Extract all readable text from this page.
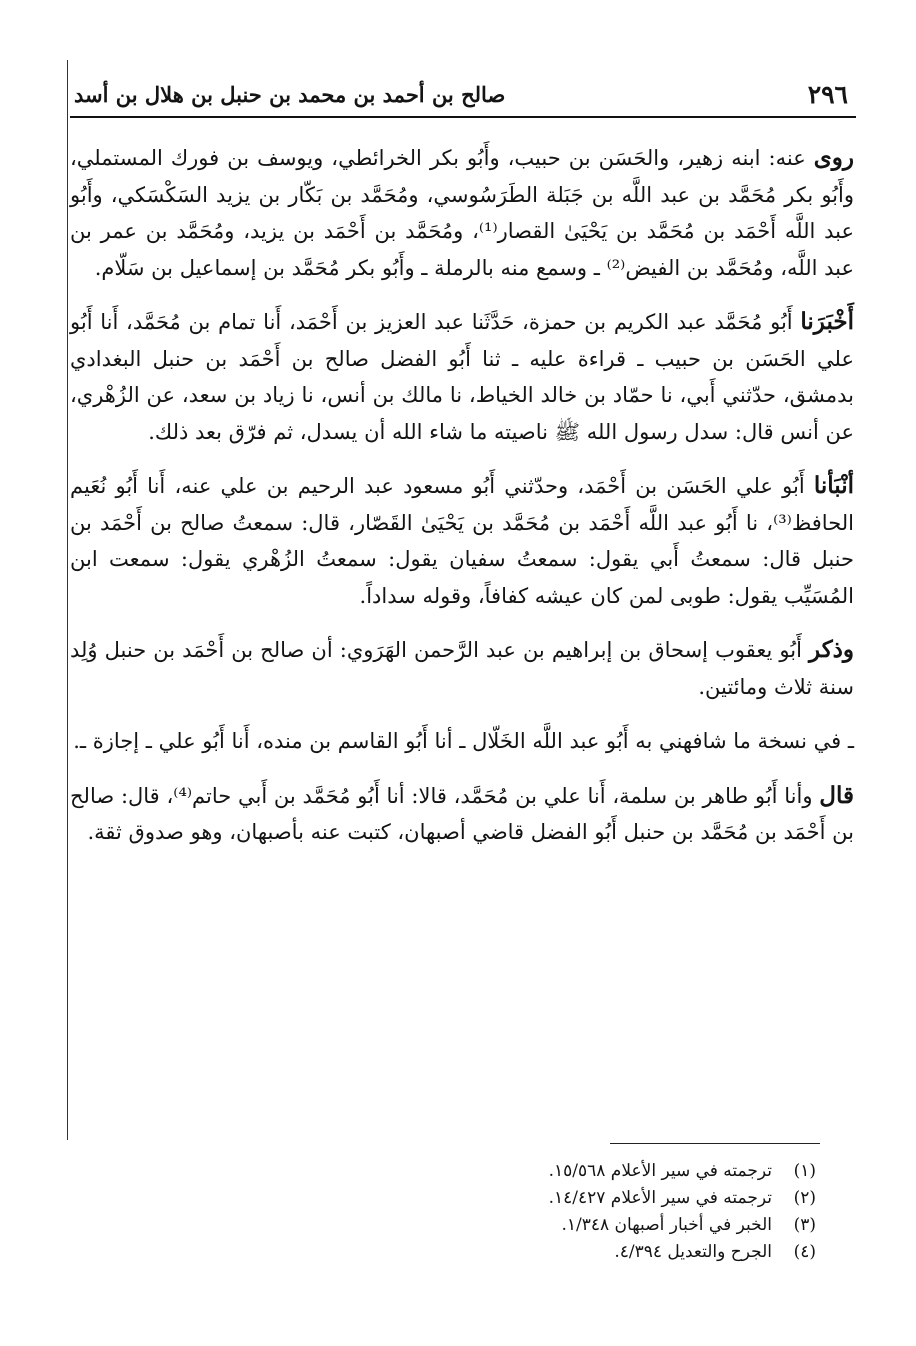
٢٩٦
صالح بن أحمد بن محمد بن حنبل بن هلال بن أسد

روى عنه: ابنه زهير، والحَسَن بن حبيب، وأَبُو بكر الخرائطي، ويوسف بن فورك المستملي، وأَبُو بكر مُحَمَّد بن عبد اللَّه بن جَبَلة الطَرَسُوسي، ومُحَمَّد بن بَكّار بن يزيد السَكْسَكي، وأَبُو عبد اللَّه أَحْمَد بن مُحَمَّد بن يَحْيَىٰ القصار⁽¹⁾، ومُحَمَّد بن أَحْمَد بن يزيد، ومُحَمَّد بن عمر بن عبد اللَّه، ومُحَمَّد بن الفيض⁽²⁾ ـ وسمع منه بالرملة ـ وأَبُو بكر مُحَمَّد بن إسماعيل بن سَلّام.

أَخْبَرَنا أَبُو مُحَمَّد عبد الكريم بن حمزة، حَدَّثَنا عبد العزيز بن أَحْمَد، أَنا تمام بن مُحَمَّد، أَنا أَبُو علي الحَسَن بن حبيب ـ قراءة عليه ـ ثنا أَبُو الفضل صالح بن أَحْمَد بن حنبل البغدادي بدمشق، حدّثني أَبي، نا حمّاد بن خالد الخياط، نا مالك بن أنس، نا زياد بن سعد، عن الزُهْري، عن أنس قال: سدل رسول الله ﷺ ناصيته ما شاء الله أن يسدل، ثم فرّق بعد ذلك.

أنْبَأنا أَبُو علي الحَسَن بن أَحْمَد، وحدّثني أَبُو مسعود عبد الرحيم بن علي عنه، أَنا أَبُو نُعَيم الحافظ⁽³⁾، نا أَبُو عبد اللَّه أَحْمَد بن مُحَمَّد بن يَحْيَىٰ القَصّار، قال: سمعتُ صالح بن أَحْمَد بن حنبل قال: سمعتُ أَبي يقول: سمعتُ سفيان يقول: سمعتُ الزُهْري يقول: سمعت ابن المُسَيِّب يقول: طوبى لمن كان عيشه كفافاً، وقوله سداداً.

وذكر أَبُو يعقوب إسحاق بن إبراهيم بن عبد الرَّحمن الهَرَوي: أن صالح بن أَحْمَد بن حنبل وُلِد سنة ثلاث ومائتين.

ـ في نسخة ما شافهني به أَبُو عبد اللَّه الخَلّال ـ أنا أَبُو القاسم بن منده، أَنا أَبُو علي ـ إجازة ـ.

قال وأنا أَبُو طاهر بن سلمة، أَنا علي بن مُحَمَّد، قالا: أنا أَبُو مُحَمَّد بن أَبي حاتم⁽⁴⁾، قال: صالح بن أَحْمَد بن مُحَمَّد بن حنبل أَبُو الفضل قاضي أصبهان، كتبت عنه بأصبهان، وهو صدوق ثقة.

(١)
ترجمته في سير الأعلام ١٥/٥٦٨.
(٢)
ترجمته في سير الأعلام ١٤/٤٢٧.
(٣)
الخبر في أخبار أصبهان ١/٣٤٨.
(٤)
الجرح والتعديل ٤/٣٩٤.
